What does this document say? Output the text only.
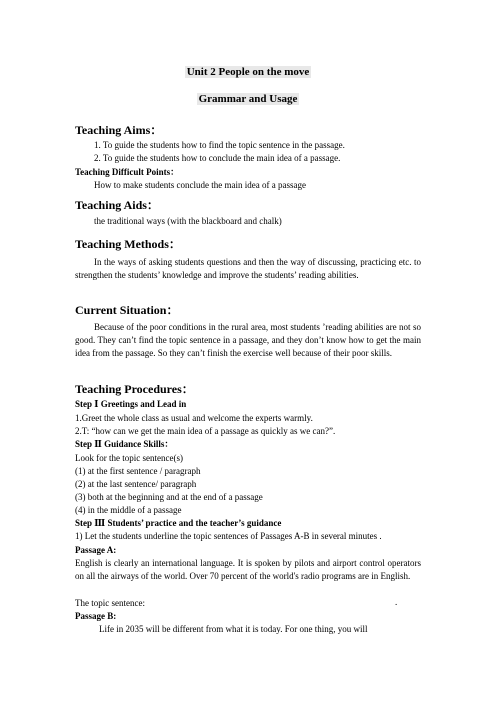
Unit 2 People on the move
Grammar and Usage
Teaching Aims：
1. To guide the students how to find the topic sentence in the passage.
2. To guide the students how to conclude the main idea of a passage.
Teaching Difficult Points：
How to make students conclude the main idea of a passage
Teaching Aids：
the traditional ways (with the blackboard and chalk)
Teaching Methods：
In the ways of asking students questions and then the way of discussing, practicing etc. to strengthen the students’ knowledge and improve the students’ reading abilities.
Current Situation：
Because of the poor conditions in the rural area, most students ’reading abilities are not so good. They can’t find the topic sentence in a passage, and they don’t know how to get the main idea from the passage. So they can’t finish the exercise well because of their poor skills.
Teaching Procedures：
Step Ⅰ Greetings and Lead in
1.Greet the whole class as usual and welcome the experts warmly.
2.T: “how can we get the main idea of a passage as quickly as we can?”.
Step Ⅱ Guidance Skills：
Look for the topic sentence(s)
(1) at the first sentence / paragraph
(2) at the last sentence/ paragraph
(3) both at the beginning and at the end of a passage
(4) in the middle of a passage
Step Ⅲ Students’ practice and the teacher’s guidance
1) Let the students underline the topic sentences of Passages A-B in several minutes .
Passage A:
English is clearly an international language. It is spoken by pilots and airport control operators on all the airways of the world. Over 70 percent of the world's radio programs are in English.
The topic sentence:	.
Passage B:
Life in 2035 will be different from what it is today. For one thing, you will
